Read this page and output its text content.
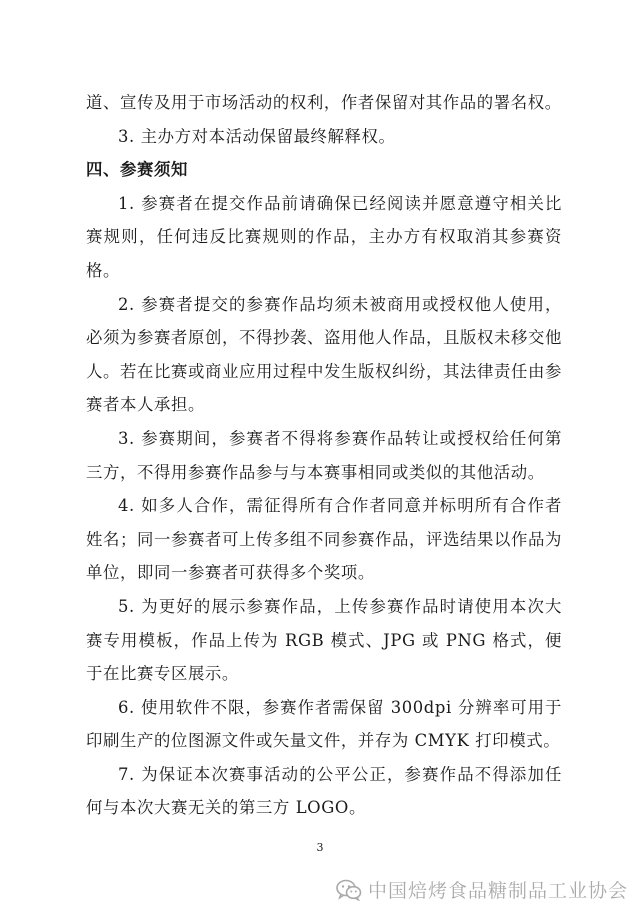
道、宣传及用于市场活动的权利，作者保留对其作品的署名权。

3. 主办方对本活动保留最终解释权。

四、参赛须知

1. 参赛者在提交作品前请确保已经阅读并愿意遵守相关比赛规则，任何违反比赛规则的作品，主办方有权取消其参赛资格。

2. 参赛者提交的参赛作品均须未被商用或授权他人使用，必须为参赛者原创，不得抄袭、盗用他人作品，且版权未移交他人。若在比赛或商业应用过程中发生版权纠纷，其法律责任由参赛者本人承担。

3. 参赛期间，参赛者不得将参赛作品转让或授权给任何第三方，不得用参赛作品参与与本赛事相同或类似的其他活动。

4. 如多人合作，需征得所有合作者同意并标明所有合作者姓名；同一参赛者可上传多组不同参赛作品，评选结果以作品为单位，即同一参赛者可获得多个奖项。

5. 为更好的展示参赛作品，上传参赛作品时请使用本次大赛专用模板，作品上传为 RGB 模式、JPG 或 PNG 格式，便于在比赛专区展示。

6. 使用软件不限，参赛作者需保留 300dpi 分辨率可用于印刷生产的位图源文件或矢量文件，并存为 CMYK 打印模式。

7. 为保证本次赛事活动的公平公正，参赛作品不得添加任何与本次大赛无关的第三方 LOGO。

3
中国焙烤食品糖制品工业协会
